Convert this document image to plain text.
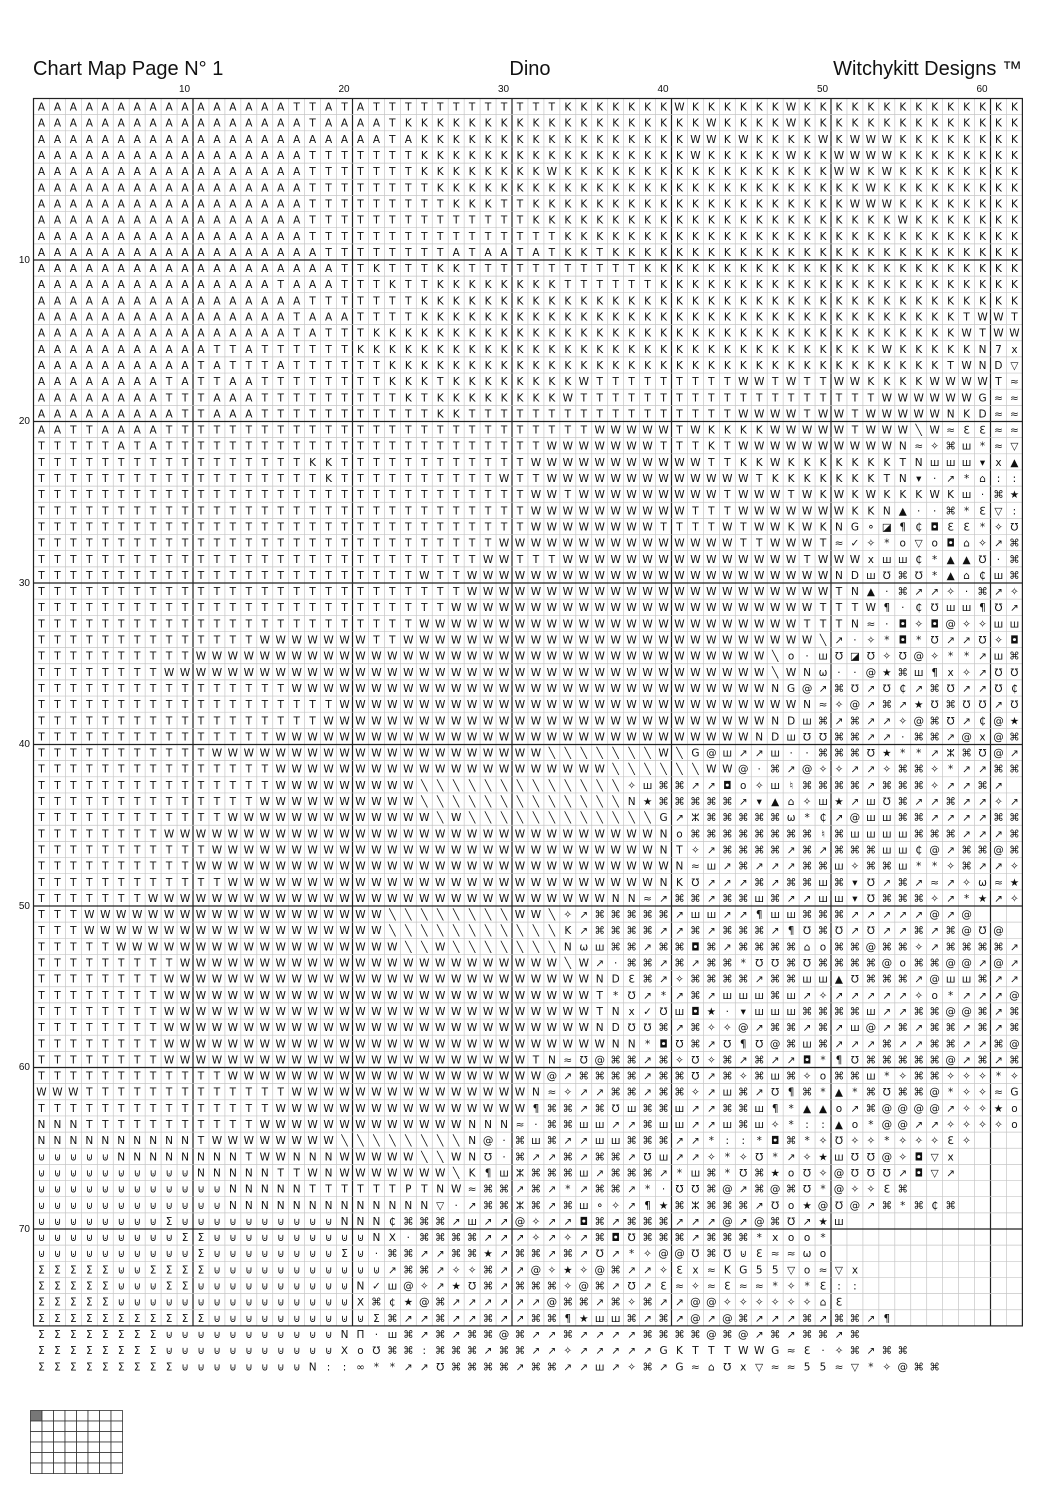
Chart Map Page N° 1	Dino	Witchykitt Designs ™
10	20	30	40	50	60
10
20
30
40
50
60
70
A A A A A A A A A A A A A A A A T T A T A T T T T T T T T T T T T K K K K K K K W K K K K K K W K K K K K K K K K K K K K K
A A A A A A A A A A A A A A A A A T A A A A T K K K K K K K K K K K K K K K K K K K W K K K K W K K K K K K K K K K K K K K
A A A A A A A A A A A A A A A A A A A A A A T A K K K K K K K K K K K K K K K K K W W K W K K K K W K W W W K K K K K K K K
A A A A A A A A A A A A A A A A A T T T T T T T K K K K K K K K K K K K K K K K K W K K K K K W K K W W W W K K K K K K K K
A A A A A A A A A A A A A A A A A T T T T T T T K K K K K K K K W K K K K K K K K K K K K K K K K K W W K W K K K K K K K K
A A A A A A A A A A A A A A A A A T T T T T T T T K K K K K K K K K K K K K K K K K K K K K K K K K K K W K K K K K K K K K
A A A A A A A A A A A A A A A A A T T T T T T T T T K K K T T K K K K K K K K K K K K K K K K K K K K W W W K K K K K K K K
A A A A A A A A A A A A A A A A A T T T T T T T T T T T T T T K K K K K K K K K K K K K K K K K K K K K K K W K K K K K K K
A A A A A A A A A A A A A A A A A T T T T T T T T T T T T T T T T K K K K K K K K K K K K K K K K K K K K K K K K K K K K K
A A A A A A A A A A A A A A A A A A T T T T T T T T A T A A T A T K K T K K K K K K K K K K K K K K K K K K K K K K K K K K
A A A A A A A A A A A A A A A A A A A T T K T T T K K T T T T T T T T T T T K K K K K K K K K K K K K K K K K K K K K K K K
A A A A A A A A A A A A A A A T A A A T T T K T T K K K K K K K K T T T T T T K K K K K K K K K K K K K K K K K K K K K K K
A A A A A A A A A A A A A A A A A T T T T T T T K K K K K K K K K K K K K K K K K K K K K K K K K K K K K K K K K K K K K K
A A A A A A A A A A A A A A A A T A A A T T T T K K K K K K K K K K K K K K K K K K K K K K K K K K K K K K K K K K T W W T
A A A A A A A A A A A A A A A A T A T T T K K K K K K K K K K K K K K K K K K K K K K K K K K K K K K K K K K K K K W T W W
A A A A A A A A A A A T T A T T T T T T K K K K K K K K K K K K K K K K K K K K K K K K K K K K K K K K K W K K K K K N 7 x
A A A A A A A A A A T A T T T A T T T T T T K K K K K K K K K K K K K K K K K K K K K K K K K K K K K K K K K K K T W N D ▽
A A A A A A A A T A T T A A T T T T T T T T K K K T K K K K K K K K W T T T T T T T T T W W T W T T W W K K K K W W W W T ≈
A A A A A A A A T T T A A A T T T T T T T T T K T K K K K K K K K W T T T T T T T T T T T T T T T T T T T W W W W W W G ≈ ≈
A A A A A A A A A T T A A A T T T T T T T T T T T K K T T T T T T T T T T T T T T T T T W W W W T W W T W W W W W N K D ≈ ≈
A A T T A A A A T T T T T T T T T T T T T T T T T T T T T T T T T T T W W W W W T W K K K K W W W W W T W W W ╲ W ≈ ℇ ℇ ≈ ≈
T T T T T A T A T T T T T T T T T T T T T T T T T T T T T T T T W W W W W W W T T T K T W W W W W W W W W W N ≈ ✧ ⌘ ш * ≈ ▽
T T T T T T T T T T T T T T T T T K K T T T T T T T T T T T T W W W W W W W W W W W T T K K W K K K K K K K T N ш ш ш ▾ x ▲
T T T T T T T T T T T T T T T T T T K T T T T T T T T T T W T T W W W W W W W W W W W W W T K K K K K K K T N ▾ · ↗ * ⌂ : :
T T T T T T T T T T T T T T T T T T T T T T T T T T T T T T T W W T W W W W W W W W W T W W W T W K W K W K K K W K ш · ⌘ ★
T T T T T T T T T T T T T T T T T T T T T T T T T T T T T T T W W W W W W W W W W T T T W W W W W W W K K N ▲ · · ⌘ * ℇ ▽ :
T T T T T T T T T T T T T T T T T T T T T T T T T T T T T T T W W W W W W W W T T T T W T W W K W K N G ⚬ ◪ ¶ ₵ ◘ ℇ ℇ * ✧ ℧
T T T T T T T T T T T T T T T T T T T T T T T T T T T T T W W W W W W W W W W W W W W W T T W W W T ≈ ✓ ✧ * o ▽ o ◘ ⌂ ✧ ↗ ⌘
T T T T T T T T T T T T T T T T T T T T T T T T T T T T W W T T T W W W W W W W W W W W W W W W T W W W x ш ш ₵ * ▲ ▲ ℧ · ⌘
T T T T T T T T T T T T T T T T T T T T T T T T W T T W W W W W W W W W W W W W W W W W W W W W W W N D ш ℧ ⌘ ℧ * ▲ ⌂ ₵ ш ⌘
T T T T T T T T T T T T T T T T T T T T T T T T T T T W W W W W W W W W W W W W W W W W W W W W W W T N ▲ · ⌘ ↗ ↗ ✧ · ⌘ ↗ ✧
T T T T T T T T T T T T T T T T T T T T T T T T T T W W W W W W W W W W W W W W W W W W W W W W W T T T W ¶ · ₵ ℧ ш ш ¶ ℧ ↗
T T T T T T T T T T T T T T T T T T T T T T T T W W W W W W W W W W W W W W W W W W W W W W W W T T T N ≈ · ◘ ✧ ◘ @ ✧ ✧ ш ш
T T T T T T T T T T T T T T W W W W W W W T T W W W W W W W W W W W W W W W W W W W W W W W W W W ╲ ↗ · ✧ * ◘ * ℧ ↗ ↗ ℧ ✧ ◘
T T T T T T T T T T W W W W W W W W W W W W W W W W W W W W W W W W W W W W W W W W W W W W ╲ o · ш ℧ ◪ ℧ ✧ ℧ @ ✧ * * ↗ ш ⌘
T T T T T T T T W W W W W W W W W W W W W W W W W W W W W W W W W W W W W W W W W W W W W W ╲ W N ω · · @ ★ ⌘ ш ¶ x ✧ ↗ ℧ ℧
T T T T T T T T T T T T T T T T W W W W W W W W W W W W W W W W W W W W W W W W W W W W W W N G @ ↗ ⌘ ℧ ↗ ℧ ₵ ↗ ⌘ ℧ ↗ ↗ ℧ ₵
T T T T T T T T T T T T T T T T T T T W W W W W W W W W W W W W W W W W W W W W W W W W W W W W N ≈ ✧ @ ↗ ⌘ ↗ ★ ℧ ⌘ ℧ ℧ ↗ ℧
T T T T T T T T T T T T T T T T T T W W W W W W W W W W W W W W W W W W W W W W W W W W W W N D ш ⌘ ↗ ⌘ ↗ ↗ ✧ @ ⌘ ℧ ↗ ₵ @ ★
T T T T T T T T T T T T T T T W W W W W W W W W W W W W W W W W W W W W W W W W W W W W W N D ш ℧ ℧ ⌘ ⌘ ↗ ↗ · ⌘ ⌘ ↗ @ x @ ⌘
T T T T T T T T T T T W W W W W W W W W W W W W W W W W W W W W ╲ ╲ ╲ ╲ ╲ ╲ ╲ W ╲ G @ ш ↗ ↗ ш · · ⌘ ⌘ ⌘ ℧ ★ * * ↗ ⵣ ⌘ ℧ @ ↗
T T T T T T T T T T T T T T T W W W W W W W W W W W W W W W W W W W W W ╲ ╲ ╲ ╲ ╲ ╲ W W @ · ⌘ ↗ @ ✧ ✧ ↗ ↗ ✧ ⌘ ⌘ ✧ * ↗ ↗ ⌘ ⌘
T T T T T T T T T T T T T T T W W W W W W W W W ╲ ╲ ╲ ╲ ╲ ╲ ╲ ╲ ╲ ╲ ╲ ╲ ╲ ✧ ш ⌘ ⌘ ↗ ↗ ◘ o ✧ ш ♮ ⌘ ⌘ ⌘ ⌘ ↗ ⌘ ⌘ ⌘ ✧ ↗ ↗ ⌘ ↗
T T T T T T T T T T T T T T W W W W W W W W W W ╲ ╲ ╲ ╲ ╲ ╲ ╲ ╲ ╲ ╲ ╲ ╲ ╲ N ★ ⌘ ⌘ ⌘ ⌘ ⌘ ↗ ▾ ▲ ⌂ ✧ ш ★ ↗ ш ℧ ⌘ ↗ ↗ ⌘ ↗ ↗ ✧ ↗
T T T T T T T T T T T T W W W W W W W W W W W W W ╲ W ╲ ╲ ╲ ╲ ╲ ╲ ╲ ╲ ╲ ╲ ╲ ╲ G ↗ ⵣ ⌘ ⌘ ⌘ ⌘ ⌘ ω * ₵ ↗ @ ш ш ⌘ ⌘ ↗ ↗ ↗ ↗ ⌘ ⌘
T T T T T T T T W W W W W W W W W W W W W W W W W W W W W W W W W W W W W W W N o ⌘ ⌘ ⌘ ⌘ ⌘ ⌘ ⌘ ⌘ ♮ ⌘ ш ш ш ш ⌘ ⌘ ⌘ ↗ ↗ ↗ ⌘
T T T T T T T T T T T W W W W W W W W W W W W W W W W W W W W W W W W W W W W N T ✧ ↗ ⌘ ⌘ ⌘ ⌘ ↗ ⌘ ↗ ⌘ ⌘ ⌘ ш ш ₵ @ ↗ ⌘ ⌘ @ ⌘
T T T T T T T T T T W W W W W W W W W W W W W W W W W W W W W W W W W W W W W W N ≈ ш ↗ ⌘ ↗ ↗ ↗ ⌘ ⌘ ш ✧ ⌘ ⌘ ш * * ✧ ⌘ ↗ ↗ ✧
T T T T T T T T T T T T W W W W W W W W W W W W W W W W W W W W W W W W W W W N K ℧ ↗ ↗ ↗ ⌘ ↗ ⌘ ⌘ ш ⌘ ▾ ℧ ↗ ⌘ ↗ ≈ ↗ ✧ ω ≈ ★
T T T T T T T W W W W W W W W W W W W W W W W W W W W W W W W W W W W W N N ≈ ↗ ⌘ ⌘ ↗ ⌘ ⌘ ш ⌘ ↗ ↗ ш ш ▾ ℧ ⌘ ⌘ ⌘ ✧ ↗ * ★ ↗ ✧
T T T W W W W W W W W W W W W W W W W W W W ╲ ╲ ╲ ╲ ╲ ╲ ╲ ╲ W W ╲ ✧ ↗ ⌘ ⌘ ⌘ ⌘ ⌘ ↗ ш ш ↗ ↗ ¶ ш ш ⌘ ⌘ ⌘ ↗ ↗ ↗ ↗ ↗ @ ↗ @
T T T W W W W W W W W W W W W W W W W W W W ╲ ╲ ╲ ╲ ╲ ╲ ╲ ╲ ╲ ╲ ╲ K ↗ ⌘ ⌘ ⌘ ⌘ ↗ ↗ ⌘ ↗ ⌘ ⌘ ⌘ ↗ ¶ ℧ ⌘ ℧ ↗ ℧ ↗ ↗ ⌘ ↗ ⌘ @ ℧ @
T T T T T W W W W W W W W W W W W W W W W W W ╲ ╲ W ╲ ╲ ╲ ╲ ╲ ╲ ╲ N ω ш ⌘ ⌘ ↗ ⌘ ⌘ ◘ ⌘ ↗ ⌘ ⌘ ⌘ ⌘ ⌂ o ⌘ ⌘ @ ⌘ ⌘ ✧ ↗ ⌘ ⌘ ⌘ ⌘ ↗
T T T T T T T T T W W W W W W W W W W W W W W W W W W W W W W W W ╲ W ↗ · ⌘ ⌘ ↗ ⌘ ↗ ⌘ ⌘ * ℧ ℧ ⌘ ℧ ⌘ ⌘ ⌘ ⌘ @ o ⌘ ⌘ @ @ ↗ @ ↗
T T T T T T T T W W W W W W W W W W W W W W W W W W W W W W W W W W W N D ℇ ⌘ ↗ ✧ ⌘ ⌘ ⌘ ⌘ ↗ ⌘ ⌘ ш ш ▲ ℧ ⌘ ⌘ ⌘ ↗ @ ш ш ⌘ ↗ ↗
T T T T T T T T W W W W W W W W W W W W W W W W W W W W W W W W W W W T * ℧ ↗ * ↗ ⌘ ↗ ш ш ш ⌘ ш ↗ ✧ ↗ ↗ ↗ ↗ ↗ ✧ o * ↗ ↗ ↗ @
T T T T T T T T W W W W W W W W W W W W W W W W W W W W W W W W W W W T N x ✓ ℧ ш ◘ ★ · ▾ ш ш ш ⌘ ⌘ ⌘ ⌘ ш ↗ ↗ ⌘ ⌘ @ @ ⌘ ↗ ⌘
T T T T T T T T W W W W W W W W W W W W W W W W W W W W W W W W W W W N D ℧ ℧ ⌘ ↗ ⌘ ✧ ✧ @ ↗ ⌘ ⌘ ↗ ⌘ ↗ ш @ ↗ ⌘ ↗ ⌘ ⌘ ↗ ⌘ ↗ ⌘
T T T T T T T T W W W W W W W W W W W W W W W W W W W W W W W W W W W W N N * ◘ ℧ ⌘ ↗ ℧ ¶ ℧ @ ⌘ ш ⌘ ↗ ↗ ↗ ⌘ ↗ ↗ ⌘ ⌘ ↗ ↗ ⌘ @
T T T T T T T T W W W W W W W W W W W W W W W W W W W W W W W T N ≈ ℧ @ ⌘ ⌘ ↗ ⌘ ✧ ℧ ✧ ⌘ ↗ ⌘ ↗ ↗ ◘ * ¶ ℧ ⌘ ⌘ ⌘ ⌘ ⌘ @ ↗ ⌘ ↗ ⌘
T T T T T T T T T T T T W W W W W W W W W W W W W W W W W W W W @ ↗ ⌘ ⌘ ⌘ ⌘ ↗ ⌘ ⌘ ℧ ↗ ⌘ ✧ ⌘ ш ⌘ ✧ o ⌘ ⌘ ш * ✧ ⌘ ⌘ ✧ ✧ ✧ * ✧
W W W T T T T T T T T T T T T T W W W W W W W W W W W W W W W N ≈ ✧ ↗ ↗ ⌘ ⌘ ↗ ⌘ ⌘ ✧ ↗ ш ⌘ ↗ ℧ ¶ ⌘ * ▲ * ⌘ ℧ ⌘ ⌘ @ * ✧ ✧ ≈ G
T T T T T T T T T T T T T T T W W W W W W W W W W W W W W W W ¶ ⌘ ⌘ ↗ ⌘ ℧ ш ⌘ ⌘ ш ↗ ↗ ⌘ ⌘ ш ¶ * ▲ ▲ o ↗ ⌘ @ @ @ @ ↗ ✧ ✧ ★ o
N N N T T T T T T T T T T T W W W W W W W W W W W W W N N N ≈ · ⌘ ⌘ ш ш ↗ ↗ ⌘ ш ш ↗ ↗ ш ⌘ ш ✧ * : : ▲ o * @ @ ↗ ↗ ✧ ✧ ✧ ✧ o
N N N N N N N N N N T W W W W W W W W ╲ ╲ ╲ ╲ ╲ ╲ ╲ ╲ N @ · ⌘ ш ⌘ ↗ ↗ ш ш ⌘ ⌘ ⌘ ↗ ↗ * : : * ◘ ⌘ * ✧ ℧ ✧ ✧ * ✧ ✧ ✧ ℇ ✧
⊍ ⊍ ⊍ ⊍ ⊍ N N N N N N N N T W W N N N W W W W W ╲ ╲ W N ℧ · ⌘ ↗ ↗ ⌘ ↗ ⌘ ⌘ ↗ ℧ ш ↗ ↗ ✧ * ✧ ℧ * ↗ ✧ ★ ш ℧ ℧ @ ✧ ◘ ▽ x
⊍ ⊍ ⊍ ⊍ ⊍ ⊍ ⊍ ⊍ ⊍ ⊍ N N N N N T T W N W W W W W W W ╲ K ¶ ш ⵣ ⌘ ⌘ ⌘ ш ↗ ⌘ ⌘ ⌘ ↗ * ш ⌘ * ℧ ⌘ ★ o ℧ ✧ @ ℧ ℧ ℧ ↗ ◘ ▽ ↗
⊍ ⊍ ⊍ ⊍ ⊍ ⊍ ⊍ ⊍ ⊍ ⊍ ⊍ ⊍ N N N N N T T T T T T P T N W ≈ ⌘ ⌘ ↗ ⌘ ↗ * ↗ ⌘ ⌘ ↗ * · ℧ ℧ ⌘ @ ↗ ⌘ @ ⌘ ℧ * @ ✧ ✧ ℇ ⌘
⊍ ⊍ ⊍ ⊍ ⊍ ⊍ ⊍ ⊍ ⊍ ⊍ ⊍ ⊍ N N N N N N N N N N N N N ▽ · ↗ ⌘ ⌘ ⵣ ⌘ ↗ ⌘ ш ⚬ ✧ ↗ ¶ ★ ⌘ ⵣ ⌘ ⌘ ⌘ ↗ ℧ o ★ @ ℧ @ ↗ ⌘ * ⌘ ₵ ⌘
⊍ ⊍ ⊍ ⊍ ⊍ ⊍ ⊍ ⊍ Σ ⊍ ⊍ ⊍ ⊍ ⊍ ⊍ ⊍ ⊍ ⊍ ⊍ N N N ₵ ⌘ ⌘ ⌘ ↗ ш ↗ ↗ @ ✧ ↗ ↗ ◘ ⌘ ↗ ⌘ ⌘ ⌘ ↗ ↗ ↗ @ ↗ @ ⌘ ℧ ↗ ★ ш
⊍ ⊍ ⊍ ⊍ ⊍ ⊍ ⊍ ⊍ ⊍ Σ Σ ⊍ ⊍ ⊍ ⊍ ⊍ ⊍ ⊍ ⊍ ⊍ ⊍ N ⵝ · ⌘ ⌘ ⌘ ⌘ ↗ ↗ ↗ ✧ ↗ ✧ ↗ ⌘ ◘ ℧ ⌘ ⌘ ⌘ ↗ ⌘ ⌘ ⌘ * x o o *
⊍ ⊍ ⊍ ⊍ ⊍ ⊍ ⊍ ⊍ ⊍ ⊍ Σ ⊍ ⊍ ⊍ ⊍ ⊍ ⊍ ⊍ ⊍ Σ ⊍ · ⌘ ⌘ ↗ ↗ ⌘ ⌘ ★ ↗ ⌘ ⌘ ↗ ⌘ ↗ ℧ ↗ * ✧ @ @ ℧ ⌘ ℧ ⊍ ℇ ≈ ≈ ω o
Σ Σ Σ Σ Σ ⊍ ⊍ Σ Σ Σ Σ ⊍ ⊍ ⊍ ⊍ ⊍ ⊍ ⊍ ⊍ ⊍ ⊍ ⊍ ↗ ⌘ ⌘ ↗ ✧ ✧ ⌘ ↗ ↗ @ ✧ ★ ✧ @ ⌘ ↗ ↗ ✧ ℇ x ≈ K G 5 5 ▽ o ≈ ▽ x
Σ Σ Σ Σ Σ ⊍ ⊍ ⊍ Σ Σ ⊍ ⊍ ⊍ ⊍ ⊍ ⊍ ⊍ ⊍ ⊍ ⊍ N ✓ ш @ ✧ ↗ ★ ℧ ⌘ ↗ ⌘ ⌘ ⌘ ✧ @ ⌘ ↗ ℧ ↗ ℇ ≈ ✧ ≈ ℇ ≈ ≈ * ✧ * ℇ : :
Σ Σ Σ Σ Σ ⊍ ⊍ ⊍ ⊍ ⊍ ⊍ ⊍ ⊍ ⊍ ⊍ ⊍ ⊍ ⊍ ⊍ ⊍ ⵝ ⌘ ¢ ★ @ ⌘ ↗ ↗ ↗ ↗ ↗ ↗ @ ⌘ ⌘ ↗ ⌘ ✧ ⌘ ↗ ↗ @ @ ✧ ✧ ✧ ✧ ✧ ✧ ⌂ ℇ
Σ Σ Σ Σ Σ Σ Σ Σ Σ Σ Σ ⊍ ⊍ ⊍ ⊍ ⊍ ⊍ ⊍ ⊍ ⊍ ⊍ Σ ⌘ ↗ ↗ ⌘ ↗ ↗ ⌘ ↗ ↗ ⌘ ⌘ ¶ ★ ш ш ⌘ ↗ ⌘ ↗ @ ↗ @ ⌘ ↗ ↗ ↗ ⌘ ↗ ⌘ ⌘ ↗ ¶
Σ Σ Σ Σ Σ Σ Σ Σ ⊍ ⊍ ⊍ ⊍ ⊍ ⊍ ⊍ ⊍ ⊍ ⊍ ⊍ N Π · ш ⌘ ↗ ⌘ ↗ ⌘ ⌘ @ ⌘ ↗ ↗ ⌘ ↗ ↗ ↗ ↗ ⌘ ⌘ ⌘ ⌘ @ ⌘ @ ↗ ⌘ ↗ ⌘ ⌘ ↗ ⌘
Σ Σ Σ Σ Σ Σ Σ Σ ⊍ ⊍ ⊍ ⊍ ⊍ ⊍ ⊍ ⊍ ⊍ ⊍ ⊍ ⵝ o ℧ ⌘ ⌘ : ⌘ ⌘ ⌘ ↗ ⌘ ⌘ ↗ ↗ ✧ ↗ ↗ ↗ ↗ ↗ G K T T T W W G ≈ ℇ · ✧ ⌘ ↗ ⌘ ⌘
Σ Σ Σ Σ Σ Σ Σ Σ Σ ⊍ ⊍ ⊍ ⊍ ⊍ ⊍ ⊍ ⊍ N : : ∞ * * ↗ ↗ ℧ ⌘ ⌘ ⌘ ⌘ ↗ ⌘ ⌘ ↗ ↗ ш ↗ ✧ ⌘ ↗ G ≈ ⌂ ℧ x ▽ ≈ ≈ 5 5 ≈ ▽ * ✧ @ ⌘ ⌘
